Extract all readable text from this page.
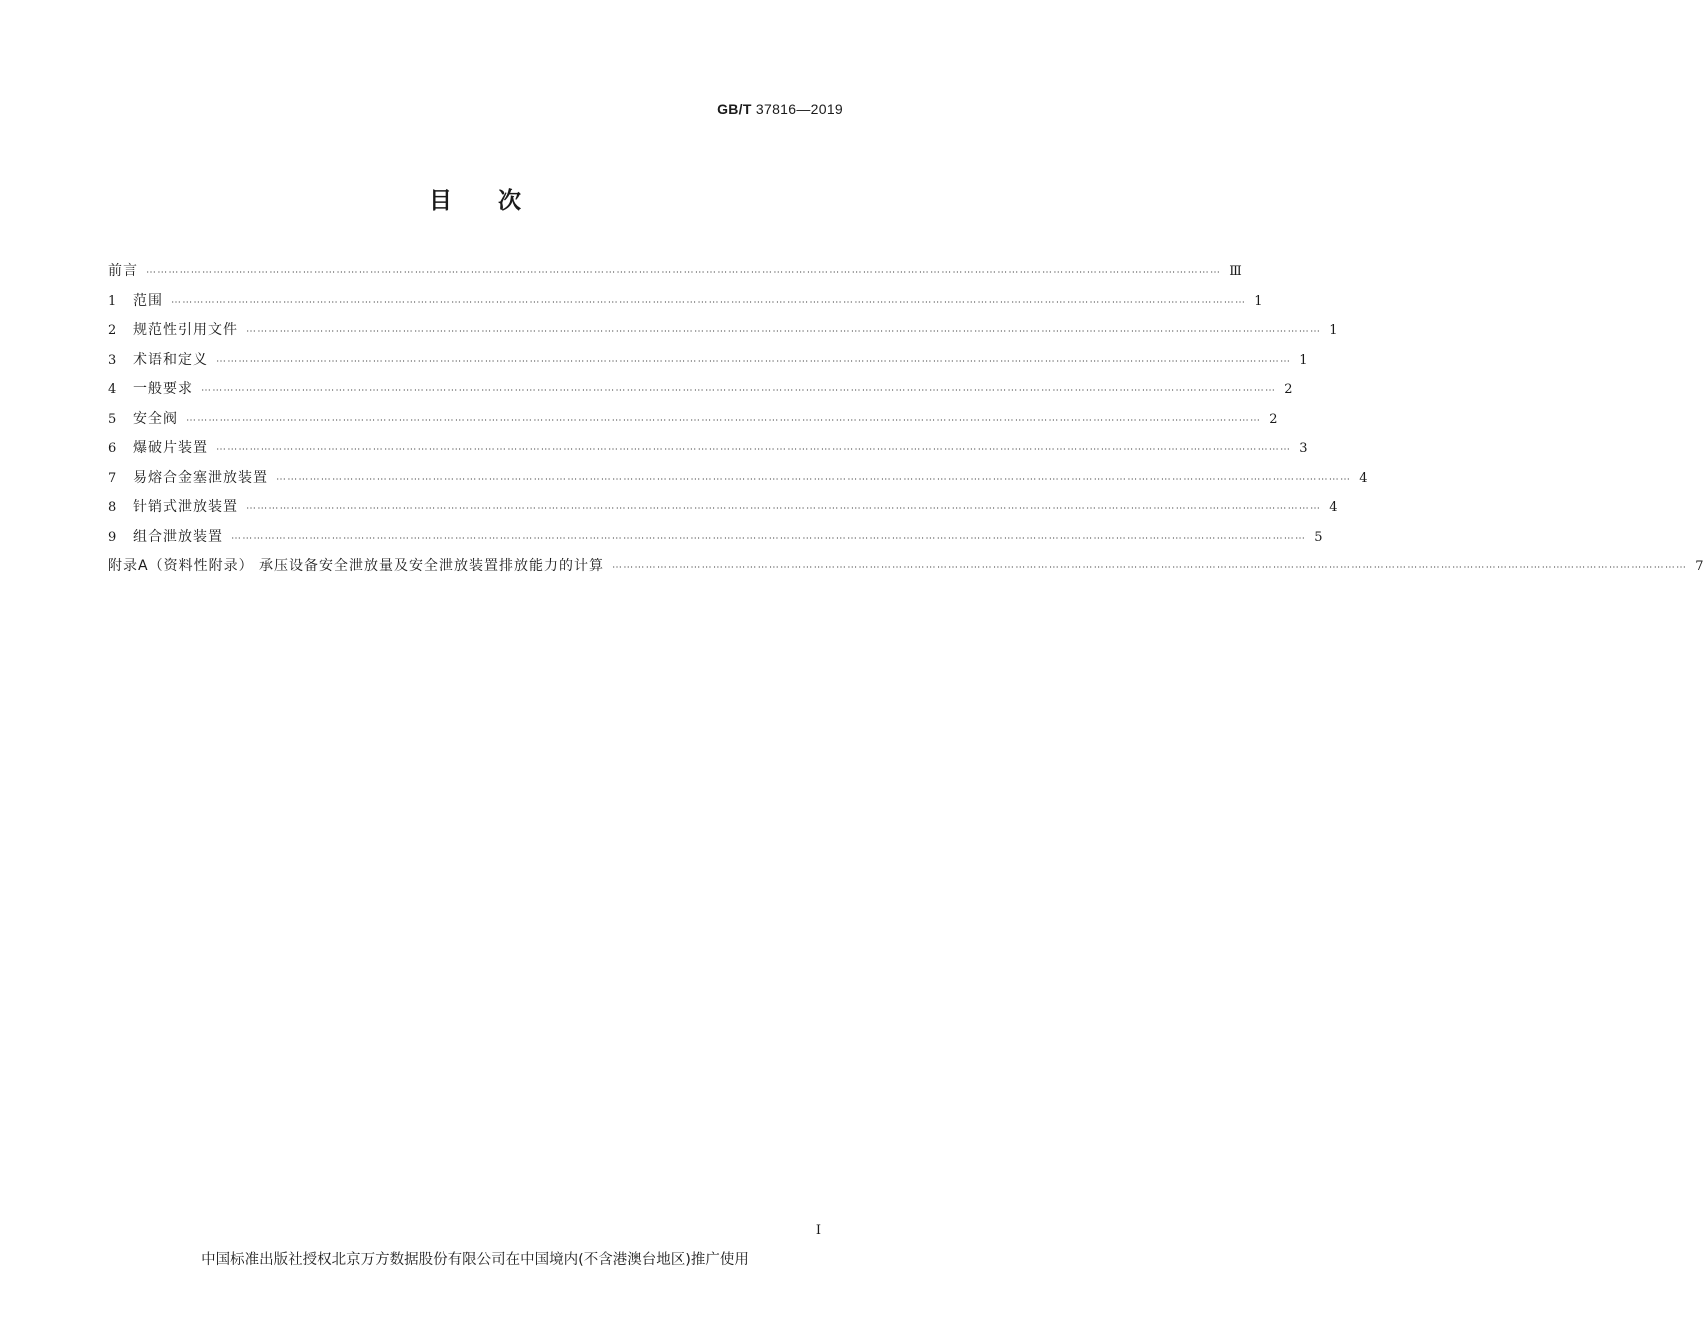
GB/T 37816—2019
目次
前言 ⋯⋯⋯⋯⋯⋯⋯⋯⋯⋯⋯⋯⋯⋯⋯⋯⋯⋯⋯⋯⋯⋯⋯⋯⋯⋯⋯⋯⋯⋯⋯⋯⋯⋯⋯⋯⋯⋯⋯⋯⋯⋯⋯⋯⋯⋯⋯⋯⋯⋯⋯⋯⋯⋯⋯⋯⋯⋯⋯⋯⋯⋯⋯⋯⋯⋯⋯⋯⋯⋯⋯⋯⋯⋯⋯⋯⋯⋯⋯⋯⋯⋯⋯⋯⋯⋯⋯⋯⋯⋯⋯⋯⋯⋯⋯⋯ Ⅲ
1	范围 ⋯⋯⋯⋯⋯⋯⋯⋯⋯⋯⋯⋯⋯⋯⋯⋯⋯⋯⋯⋯⋯⋯⋯⋯⋯⋯⋯⋯⋯⋯⋯⋯⋯⋯⋯⋯⋯⋯⋯⋯⋯⋯⋯⋯⋯⋯⋯⋯⋯⋯⋯⋯⋯⋯⋯⋯⋯⋯⋯⋯⋯⋯⋯⋯⋯⋯⋯⋯⋯⋯⋯⋯⋯⋯⋯⋯⋯⋯⋯⋯⋯⋯⋯⋯⋯⋯⋯⋯⋯⋯⋯⋯⋯⋯⋯⋯ 1
2	规范性引用文件 ⋯⋯⋯⋯⋯⋯⋯⋯⋯⋯⋯⋯⋯⋯⋯⋯⋯⋯⋯⋯⋯⋯⋯⋯⋯⋯⋯⋯⋯⋯⋯⋯⋯⋯⋯⋯⋯⋯⋯⋯⋯⋯⋯⋯⋯⋯⋯⋯⋯⋯⋯⋯⋯⋯⋯⋯⋯⋯⋯⋯⋯⋯⋯⋯⋯⋯⋯⋯⋯⋯⋯⋯⋯⋯⋯⋯⋯⋯⋯⋯⋯⋯⋯⋯⋯⋯⋯⋯⋯⋯⋯⋯⋯⋯⋯⋯ 1
3	术语和定义 ⋯⋯⋯⋯⋯⋯⋯⋯⋯⋯⋯⋯⋯⋯⋯⋯⋯⋯⋯⋯⋯⋯⋯⋯⋯⋯⋯⋯⋯⋯⋯⋯⋯⋯⋯⋯⋯⋯⋯⋯⋯⋯⋯⋯⋯⋯⋯⋯⋯⋯⋯⋯⋯⋯⋯⋯⋯⋯⋯⋯⋯⋯⋯⋯⋯⋯⋯⋯⋯⋯⋯⋯⋯⋯⋯⋯⋯⋯⋯⋯⋯⋯⋯⋯⋯⋯⋯⋯⋯⋯⋯⋯⋯⋯⋯⋯ 1
4	一般要求 ⋯⋯⋯⋯⋯⋯⋯⋯⋯⋯⋯⋯⋯⋯⋯⋯⋯⋯⋯⋯⋯⋯⋯⋯⋯⋯⋯⋯⋯⋯⋯⋯⋯⋯⋯⋯⋯⋯⋯⋯⋯⋯⋯⋯⋯⋯⋯⋯⋯⋯⋯⋯⋯⋯⋯⋯⋯⋯⋯⋯⋯⋯⋯⋯⋯⋯⋯⋯⋯⋯⋯⋯⋯⋯⋯⋯⋯⋯⋯⋯⋯⋯⋯⋯⋯⋯⋯⋯⋯⋯⋯⋯⋯⋯⋯⋯ 2
5	安全阀 ⋯⋯⋯⋯⋯⋯⋯⋯⋯⋯⋯⋯⋯⋯⋯⋯⋯⋯⋯⋯⋯⋯⋯⋯⋯⋯⋯⋯⋯⋯⋯⋯⋯⋯⋯⋯⋯⋯⋯⋯⋯⋯⋯⋯⋯⋯⋯⋯⋯⋯⋯⋯⋯⋯⋯⋯⋯⋯⋯⋯⋯⋯⋯⋯⋯⋯⋯⋯⋯⋯⋯⋯⋯⋯⋯⋯⋯⋯⋯⋯⋯⋯⋯⋯⋯⋯⋯⋯⋯⋯⋯⋯⋯⋯⋯⋯ 2
6	爆破片装置 ⋯⋯⋯⋯⋯⋯⋯⋯⋯⋯⋯⋯⋯⋯⋯⋯⋯⋯⋯⋯⋯⋯⋯⋯⋯⋯⋯⋯⋯⋯⋯⋯⋯⋯⋯⋯⋯⋯⋯⋯⋯⋯⋯⋯⋯⋯⋯⋯⋯⋯⋯⋯⋯⋯⋯⋯⋯⋯⋯⋯⋯⋯⋯⋯⋯⋯⋯⋯⋯⋯⋯⋯⋯⋯⋯⋯⋯⋯⋯⋯⋯⋯⋯⋯⋯⋯⋯⋯⋯⋯⋯⋯⋯⋯⋯⋯ 3
7	易熔合金塞泄放装置 ⋯⋯⋯⋯⋯⋯⋯⋯⋯⋯⋯⋯⋯⋯⋯⋯⋯⋯⋯⋯⋯⋯⋯⋯⋯⋯⋯⋯⋯⋯⋯⋯⋯⋯⋯⋯⋯⋯⋯⋯⋯⋯⋯⋯⋯⋯⋯⋯⋯⋯⋯⋯⋯⋯⋯⋯⋯⋯⋯⋯⋯⋯⋯⋯⋯⋯⋯⋯⋯⋯⋯⋯⋯⋯⋯⋯⋯⋯⋯⋯⋯⋯⋯⋯⋯⋯⋯⋯⋯⋯⋯⋯⋯⋯⋯⋯ 4
8	针销式泄放装置 ⋯⋯⋯⋯⋯⋯⋯⋯⋯⋯⋯⋯⋯⋯⋯⋯⋯⋯⋯⋯⋯⋯⋯⋯⋯⋯⋯⋯⋯⋯⋯⋯⋯⋯⋯⋯⋯⋯⋯⋯⋯⋯⋯⋯⋯⋯⋯⋯⋯⋯⋯⋯⋯⋯⋯⋯⋯⋯⋯⋯⋯⋯⋯⋯⋯⋯⋯⋯⋯⋯⋯⋯⋯⋯⋯⋯⋯⋯⋯⋯⋯⋯⋯⋯⋯⋯⋯⋯⋯⋯⋯⋯⋯⋯⋯⋯ 4
9	组合泄放装置 ⋯⋯⋯⋯⋯⋯⋯⋯⋯⋯⋯⋯⋯⋯⋯⋯⋯⋯⋯⋯⋯⋯⋯⋯⋯⋯⋯⋯⋯⋯⋯⋯⋯⋯⋯⋯⋯⋯⋯⋯⋯⋯⋯⋯⋯⋯⋯⋯⋯⋯⋯⋯⋯⋯⋯⋯⋯⋯⋯⋯⋯⋯⋯⋯⋯⋯⋯⋯⋯⋯⋯⋯⋯⋯⋯⋯⋯⋯⋯⋯⋯⋯⋯⋯⋯⋯⋯⋯⋯⋯⋯⋯⋯⋯⋯⋯ 5
附录A（资料性附录） 承压设备安全泄放量及安全泄放装置排放能力的计算 ⋯⋯⋯⋯⋯⋯⋯⋯⋯⋯⋯⋯⋯⋯⋯⋯⋯⋯⋯⋯⋯⋯⋯⋯⋯⋯⋯⋯⋯⋯⋯⋯⋯⋯⋯⋯⋯⋯⋯⋯⋯⋯⋯⋯⋯⋯⋯⋯⋯⋯⋯⋯⋯⋯⋯⋯⋯⋯⋯⋯⋯⋯⋯⋯⋯⋯⋯⋯⋯⋯⋯⋯⋯⋯⋯⋯⋯⋯⋯⋯⋯⋯⋯⋯⋯⋯⋯⋯⋯⋯⋯⋯⋯⋯⋯⋯ 7
Ⅰ
中国标准出版社授权北京万方数据股份有限公司在中国境内(不含港澳台地区)推广使用
